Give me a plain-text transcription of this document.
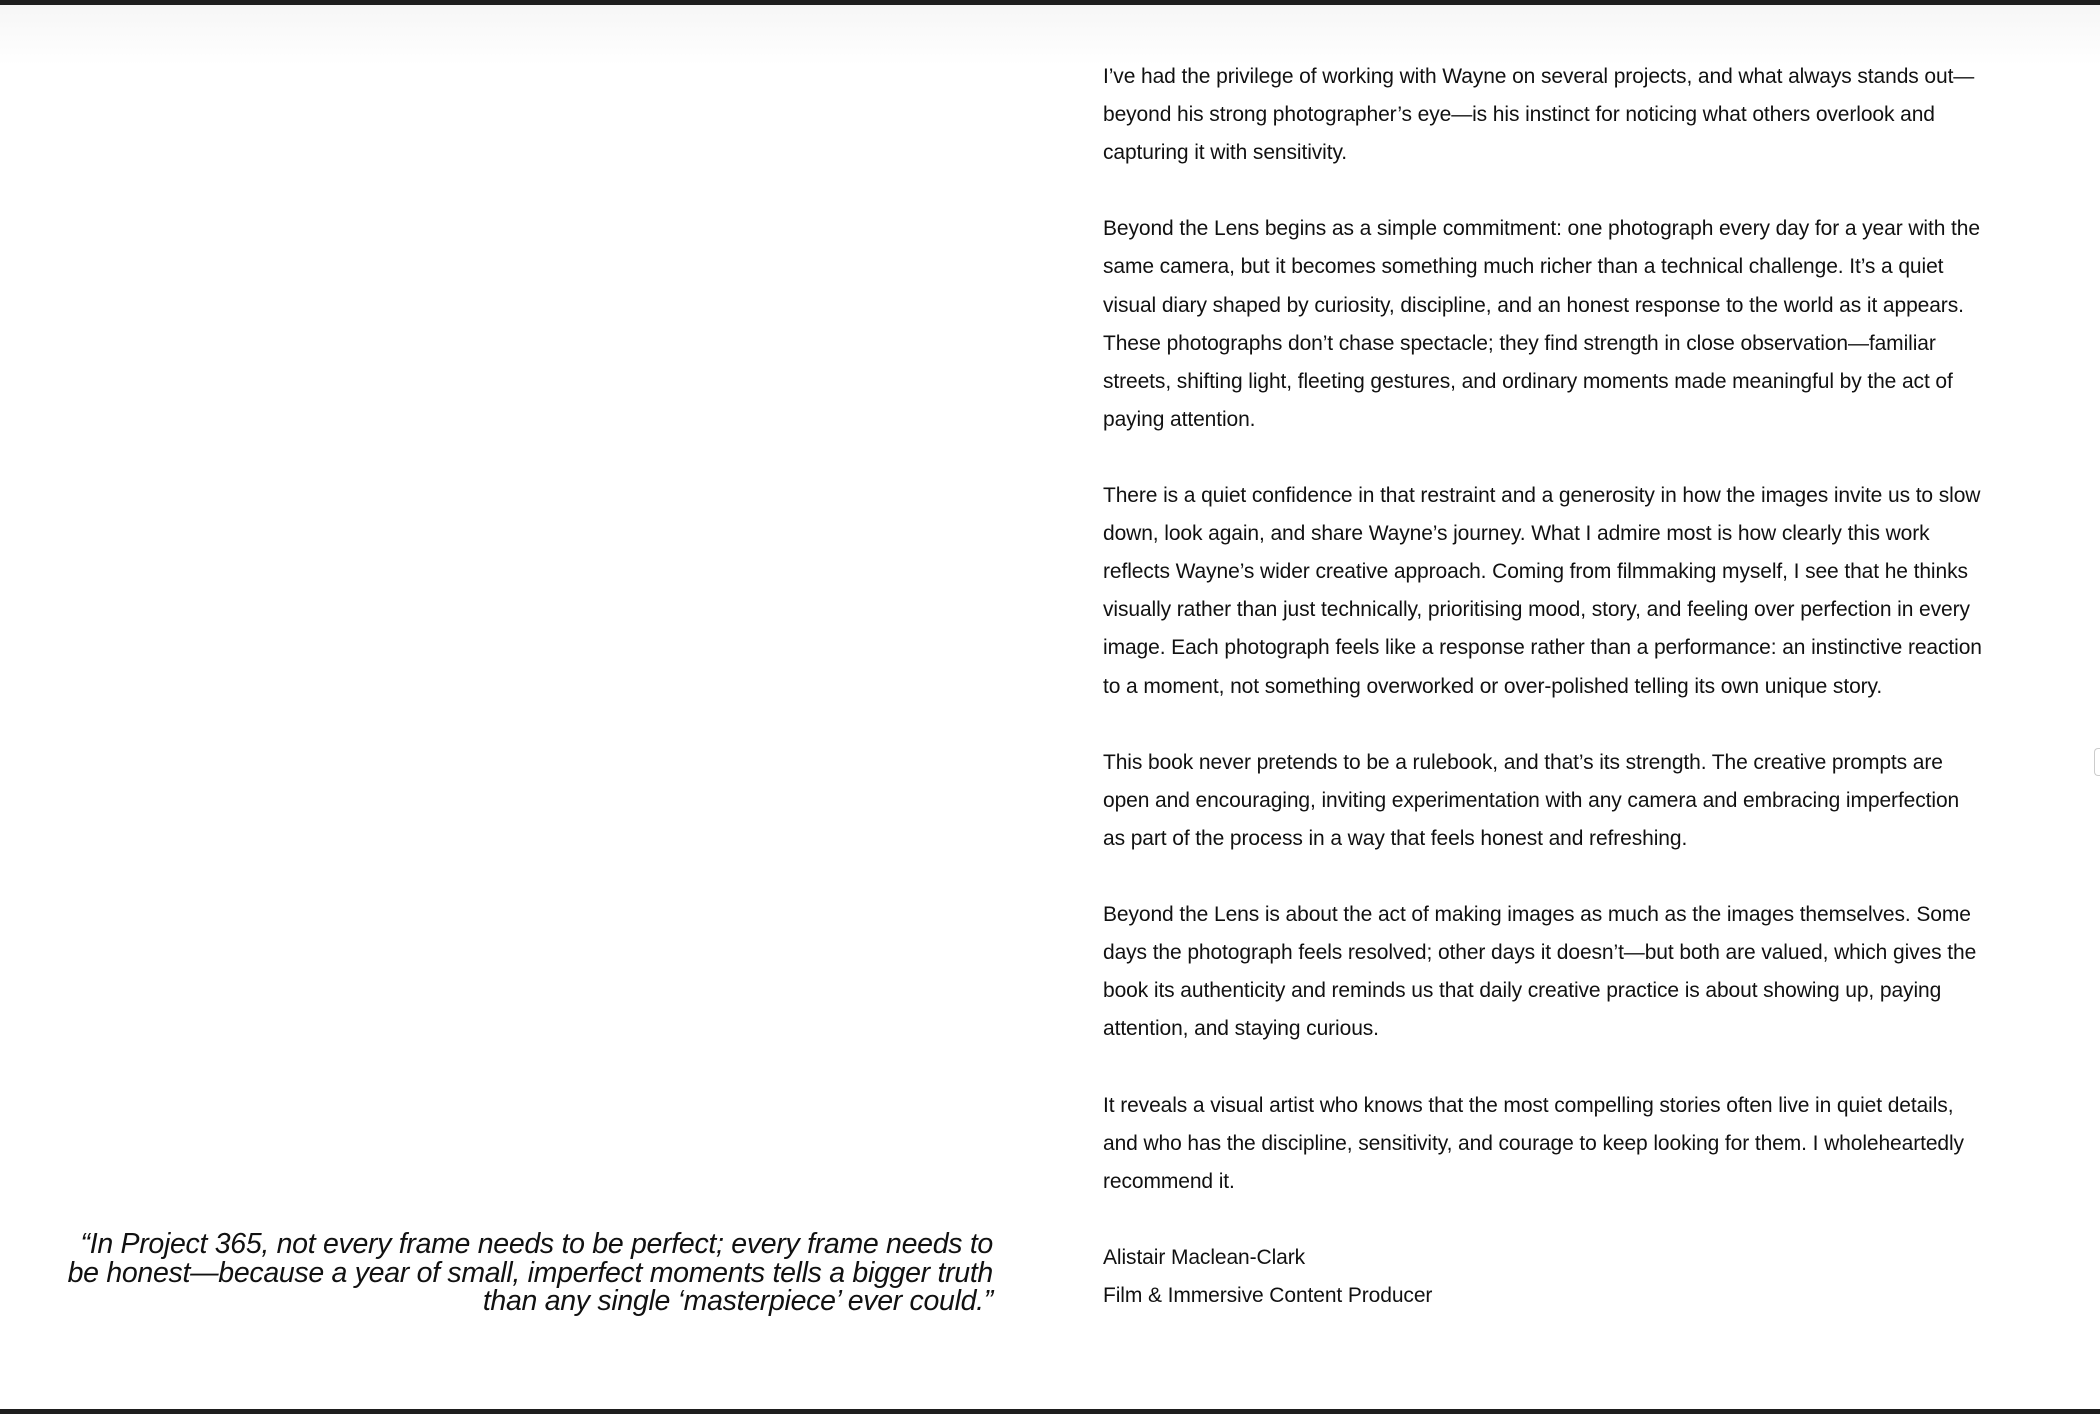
“In Project 365, not every frame needs to be perfect; every frame needs to
be honest—because a year of small, imperfect moments tells a bigger truth
than any single ‘masterpiece’ ever could.”

I’ve had the privilege of working with Wayne on several projects, and what always stands out—
beyond his strong photographer’s eye—is his instinct for noticing what others overlook and
capturing it with sensitivity.

Beyond the Lens begins as a simple commitment: one photograph every day for a year with the
same camera, but it becomes something much richer than a technical challenge. It’s a quiet
visual diary shaped by curiosity, discipline, and an honest response to the world as it appears.
These photographs don’t chase spectacle; they find strength in close observation—familiar
streets, shifting light, fleeting gestures, and ordinary moments made meaningful by the act of
paying attention.

There is a quiet confidence in that restraint and a generosity in how the images invite us to slow
down, look again, and share Wayne’s journey. What I admire most is how clearly this work
reflects Wayne’s wider creative approach. Coming from filmmaking myself, I see that he thinks
visually rather than just technically, prioritising mood, story, and feeling over perfection in every
image. Each photograph feels like a response rather than a performance: an instinctive reaction
to a moment, not something overworked or over-polished telling its own unique story.

This book never pretends to be a rulebook, and that’s its strength. The creative prompts are
open and encouraging, inviting experimentation with any camera and embracing imperfection
as part of the process in a way that feels honest and refreshing.

Beyond the Lens is about the act of making images as much as the images themselves. Some
days the photograph feels resolved; other days it doesn’t—but both are valued, which gives the
book its authenticity and reminds us that daily creative practice is about showing up, paying
attention, and staying curious.

It reveals a visual artist who knows that the most compelling stories often live in quiet details,
and who has the discipline, sensitivity, and courage to keep looking for them. I wholeheartedly
recommend it.

Alistair Maclean-Clark

Film & Immersive Content Producer
